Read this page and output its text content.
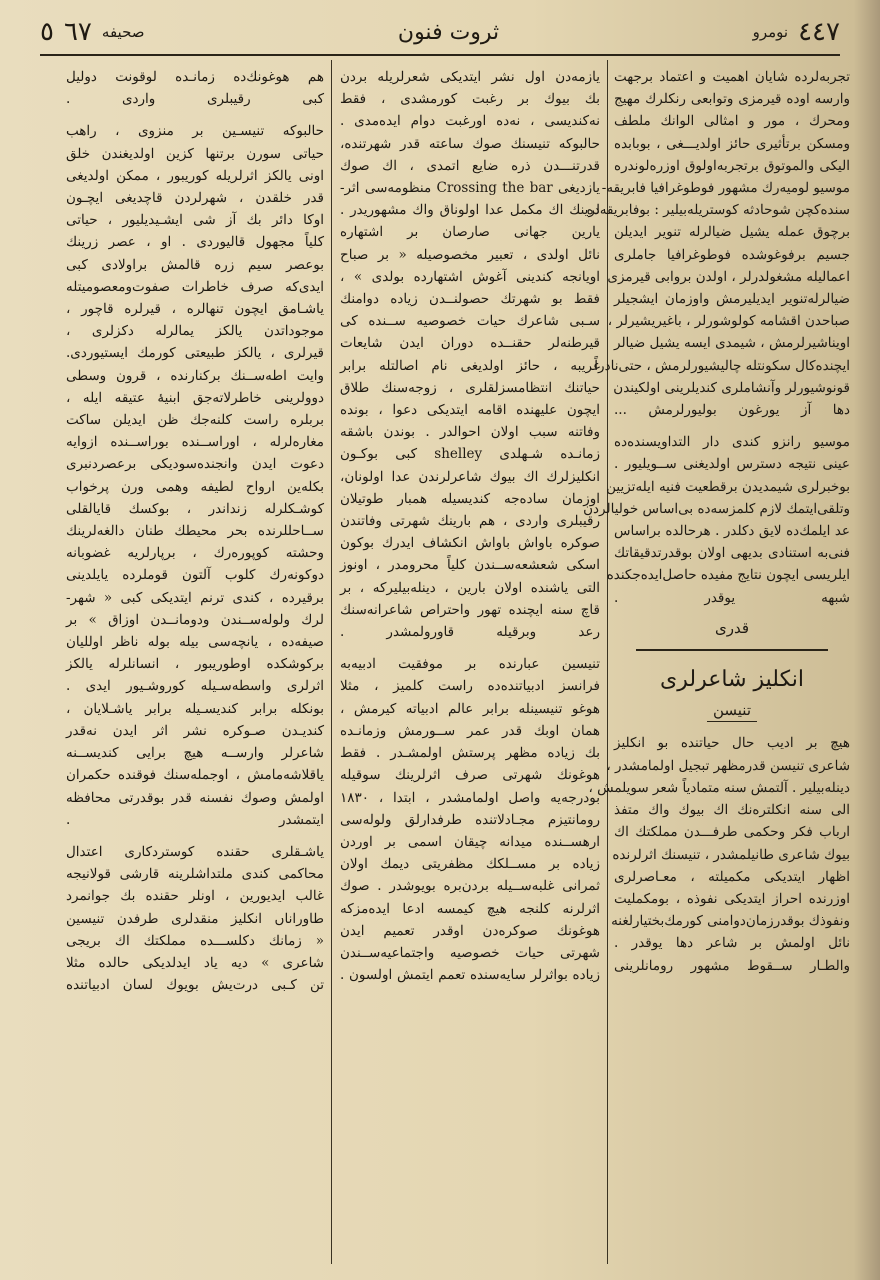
٥ ٦٧ صحیفه	ثروت فنون	نومرو ٤٤٧
تجربه‌لرده شایان اهمیت و اعتماد برجهت
وارسه اوده قیرمزی وتوابعی رنکلرك مهیج
ومحرك ، مور و امثالی الوانك ملطف
ومسکن برتأثیری حائز اولدیـــغی ، بوبابده
الیکی والموتوق برتجربه‌اولوق اوزره‌لوندره
موسیو لومیه‌رك مشهور فوطوغرافیا فابریقه-
سنده‌کچن شوحادثه کوستریله‌بیلیر : بوفابریقه‌ده
برچوق عمله یشیل ضیالرله تنویر ایدیلن
جسیم برفوغوشده فوطوغرافیا جاملری
اعمالیله مشغولدرلر ، اولدن بروابی قیرمزی
ضیالرله‌تنویر ایدیلیرمش واوزمان ایشجیلر
صباحدن اقشامه کولوشورلر ، باغیریشیرلر ،
اوینا‌شیرلرمش ، شیمدی ایسه یشیل ضیالر
ایچنده‌کال سکونتله چالیشیورلرمش ، حتی‌نادراً
قونوشیورلر وآنشاملری کندیلرینی اولکیندن
دها آز یورغون بولیورلرمش ...

موسیو رانزو کندی دار التداویسنده‌ده
عینی نتیجه دسترس اولدیغنی ســویلیور .
بوخبرلری شیمدیدن برقطعیت فنیه ایله‌تزیین
وتلقی‌ایتمك لازم کلمزسه‌ده بی‌اساس خولیالردن
عد ایلمك‌ده لایق دکلدر . هرحالده براساس
فنی‌به استنادی بدیهی اولان بوقدرتدقیقاتك
ایلریسی ایچون نتایج مفیده حاصل‌ایده‌جکنده
شبهه یوقدر .
قدری
انکلیز شاعرلری
تنیسن
هیچ بر ادیب حال حیاتنده بو انکلیز
شاعری تنیسن قدرمظهر تبجیل اولمامشدر ،
دینله‌بیلیر . آلتمش سنه متمادیاً شعر سویلمش ،
الی سنه انکلتره‌نك اك بیوك واك متفذ
ارباب فکر وحکمی طرفـــدن مملکتك اك
بیوك شاعری طانیلمشدر ، تنیسنك اثرلرنده
اظهار ایتدیکی مکمیلته ، معـاصرلری
اوزرنده احراز ایتدیکی نفوذه ، بومکملیت
ونفوذك بوقدرزمان‌دوامنی کورمك‌بختیارلغنه
نائل اولمش بر شاعر دها یوقدر .
والطـار ســقوط مشهور رومانلرینی
یازمه‌دن اول نشر ایتدیکی شعرلریله بردن
بك بیوك بر رغبت کورمشدی ، فقط
نه‌کندیسی ، نه‌ده اورغبت دوام ایده‌مدی .
حالبوکه تنیسنك صوك ساعته قدر شهرتنده،
قدرتنـــدن ذره ضایع اتمدی ، اك صوك
یازدیغی Crossing the bar منظومه‌سی اثر-
لرینك اك مکمل عدا اولوناق واك مشهوریدر .
یارین جهانی صارصان بر اشتهاره
نائل اولدی ، تعبیر مخصوصیله « بر صباح
اویانجه کندینی آغوش اشتهارده بولدی » ،
فقط بو شهرتك حصولنــدن زیاده دوامنك
سـبی شاعرك حیات خصوصیه ســنده کی
قیرطنه‌لر حقنــده دوران ایدن شایعات
غریبه ، حائز اولدیغی نام اصالتله برابر
حیاتنك انتظامسزلقلری ، زوجه‌سنك طلاق
ایچون علیهنده اقامه ایتدیکی دعوا ، بونده
وفاتنه سبب اولان احوالدر . بوندن باشقه
زمانـده شـهلدی shelley کبی بوکـون
انکلیزلرك اك بیوك شاعرلرندن عدا اولونان،
اوزمان ساده‌جه کندیسیله همبار طوتیلان
رقیبلری واردی ، هم بارینك شهرتی وفاتندن
صوکره باواش باواش انکشاف ایدرك بوکون
اسکی شعشعه‌ســندن کلیاً محرومدر ، اونوز
التی یاشنده اولان بارین ، دینله‌بیلیرکه ، بر
قاچ سنه ایچنده تهور واحتراص شاعرانه‌سنك
رعد وبرقیله قاورولمشدر .

تنیسین عبارنده بر موفقیت ادبیه‌به
فرانسز ادبیاتنده‌ده راست کلمیز ، مثلا
هوغو تنیسینله برابر عالم ادبیاته کیرمش ،
همان اوبك قدر عمر ســورمش وزمانـده
بك زیاده مظهر پرستش اولمشـدر . فقط
هوغونك شهرتی صرف اثرلرینك سوقیله
بودرجه‌یه واصل اولمامشدر ، ابتدا ، ١٨٣٠
رومانتیزم مجـادلاتنده طرفدارلق ولوله‌سی
ارهســنده میدانه چیقان اسمی بر اوردن
زیاده بر مســلکك مظفریتی دیمك اولان
ثمرانی غلبه‌ســیله بردن‌بره بویوشدر . صوك
اثرلرنه کلنجه هیچ کیمسه ادعا ایده‌مز‌که
هوغونك صوکره‌دن اوقدر تعمیم ایدن
شهرتی حیات خصوصیه واجتماعیه‌ســندن
زیاده بواثرلر سایه‌سنده تعمم ایتمش اولسون .
هم هوغونك‌ده زمانـده لوقونت دولیل
کبی رقیبلری واردی .

حالبوکه تنیسـین بر منزوی ، راهب
حیاتی سورن برتنها کزین اولدیغندن خلق
اونی یالکز اثرلریله کوریبور ، ممکن اولدیغی
قدر خلقدن ، شهرلردن قاچدیغی ایچـون
اوکا دائر بك آز شی ایشـیدیلیور ، حیاتی
کلیاً مجهول قالیوردی . او ، عصر زرینك
بوعصر سیم زره قالمش براولادی کبی
ایدی‌که صرف خاطرات صفوت‌ومعصومیتله
یاشـامق ایچون تنهالره ، قیرلره قاچور ،
موجوداتدن یالکز یمالرله دکزلری ،
قیرلری ، یالکز طبیعتی کورمك ایستیوردی.
وایت اطه‌ســنك برکنارنده ، قرون وسطی
دوولرینی خاطرلاتەجق ابنیهٔ عتیقه ایله ،
بربلره راست کلنه‌جك ظن ایدیلن ساکت
مغاره‌لرله ، اوراســنده بوراســنده ازوایه
دعوت ایدن وانجنده‌سودیکی برعصردنبری
بکلەین ارواح لطیفه وهمی ورن پرخواب
کوشـکلرله زنداندر ، بوکسك قایالقلی
ســاحللرنده بحر محیطك طنان دالغه‌لرینك
وحشته کوپورەرك ، برپارلریه غضوبانه
دوکونەرك کلوب آلتون قوملرده یایلدینی
برقیرده ، کندی ترنم ایتدیکی کبی « شهر-
لرك ولوله‌ســندن ودومانــدن اوزاق » بر
صیفه‌ده ، یانچه‌سی بیله بوله ناظر اوللیان
برکوشکده اوطوریبور ، انسانلرله یالکز
اثرلری واسطه‌سـیله کوروشـیور ایدی .
بونکله برابر کندیسـیله برابر یاشـلایان ،
کندیـدن صـوکره نشر اثر ایدن نەقدر
شاعرلر وارســه هیچ برایی کندیســنه
یاقلاشه‌مامش ، اوجمله‌سنك فوقنده حکمران
اولمش وصوك نفسنه قدر بوقدرتی محافظه
ایتمشدر .

یاشـقلری حقنده کوستردکاری اعتدال
محاکمی کندی ملتداشلرینه قارشی قولانیجه
غالب ایدیورین ، اونلر حقنده بك جوانمرد
طاوراناں انکلیز منقدلری طرفدن تنیسین
« زمانك دکلســـده مملکتك اك بریجی
شاعری » دیه یاد ایدلدیکی حالده مثلا
تن کـبی درت‌یش بویوك لسان ادبیاتنده
